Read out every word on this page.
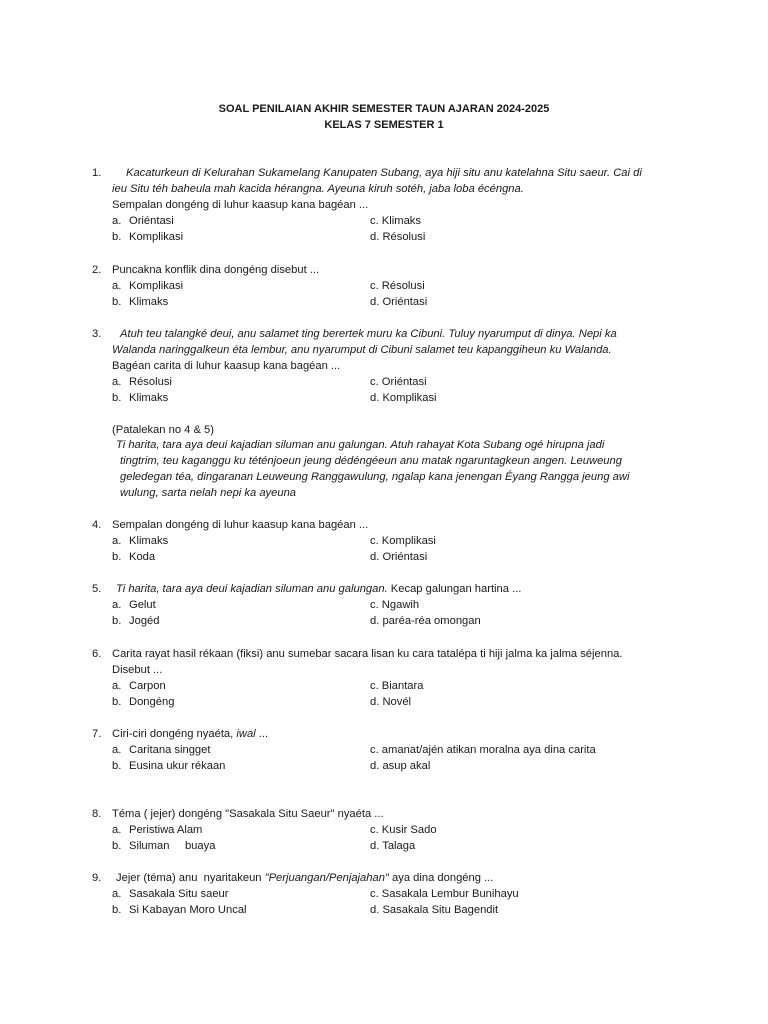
SOAL PENILAIAN AKHIR SEMESTER TAUN AJARAN 2024-2025
KELAS 7 SEMESTER 1
1. Kacaturkeun di Kelurahan Sukamelang Kanupaten Subang, aya hiji situ anu katelahna Situ saeur. Cai di
ieu Situ téh baheula mah kacida hérangna. Ayeuna kiruh sotéh, jaba loba écéngna.
Sempalan dongéng di luhur kaasup kana bagéan ...
a. Oriéntasi	c. Klimaks
b. Komplikasi	d. Résolusi
2. Puncakna konflik dina dongéng disebut ...
a. Komplikasi	c. Résolusi
b. Klimaks	d. Oriéntasi
3. Atuh teu talangké deui, anu salamet ting berertek muru ka Cibuni. Tuluy nyarumput di dinya. Nepi ka
Walanda naringgalkeun éta lembur, anu nyarumput di Cibuni salamet teu kapanggiheun ku Walanda.
Bagéan carita di luhur kaasup kana bagéan ...
a. Résolusi	c. Oriéntasi
b. Klimaks	d. Komplikasi
(Patalekan no 4 & 5)
Ti harita, tara aya deui kajadian siluman anu galungan. Atuh rahayat Kota Subang ogé hirupna jadi
tingtrim, teu kaganggu ku téténjoeun jeung dédéngéeun anu matak ngaruntagkeun angen. Leuweung
geledegan téa, dingaranan Leuweung Ranggawulung, ngalap kana jenengan Éyang Rangga jeung awi
wulung, sarta nelah nepi ka ayeuna
4. Sempalan dongéng di luhur kaasup kana bagéan ...
a. Klimaks	c. Komplikasi
b. Koda	d. Oriéntasi
5. Ti harita, tara aya deui kajadian siluman anu galungan. Kecap galungan hartina ...
a. Gelut	c. Ngawih
b. Jogéd	d. paréa-réa omongan
6. Carita rayat hasil rékaan (fiksi) anu sumebar sacara lisan ku cara tatalépa ti hiji jalma ka jalma séjenna.
Disebut ...
a. Carpon	c. Biantara
b. Dongéng	d. Novél
7. Ciri-ciri dongéng nyaéta, iwal ...
a. Caritana singget	c. amanat/ajén atikan moralna aya dina carita
b. Eusina ukur rékaan	d. asup akal
8. Téma ( jejer) dongéng "Sasakala Situ Saeur" nyaéta ...
a. Peristiwa Alam	c. Kusir Sado
b. Siluman     buaya	d. Talaga
9. Jejer (téma) anu  nyaritakeun "Perjuangan/Penjajahan" aya dina dongéng ...
a. Sasakala Situ saeur	c. Sasakala Lembur Bunihayu
b. Si Kabayan Moro Uncal	d. Sasakala Situ Bagendit
